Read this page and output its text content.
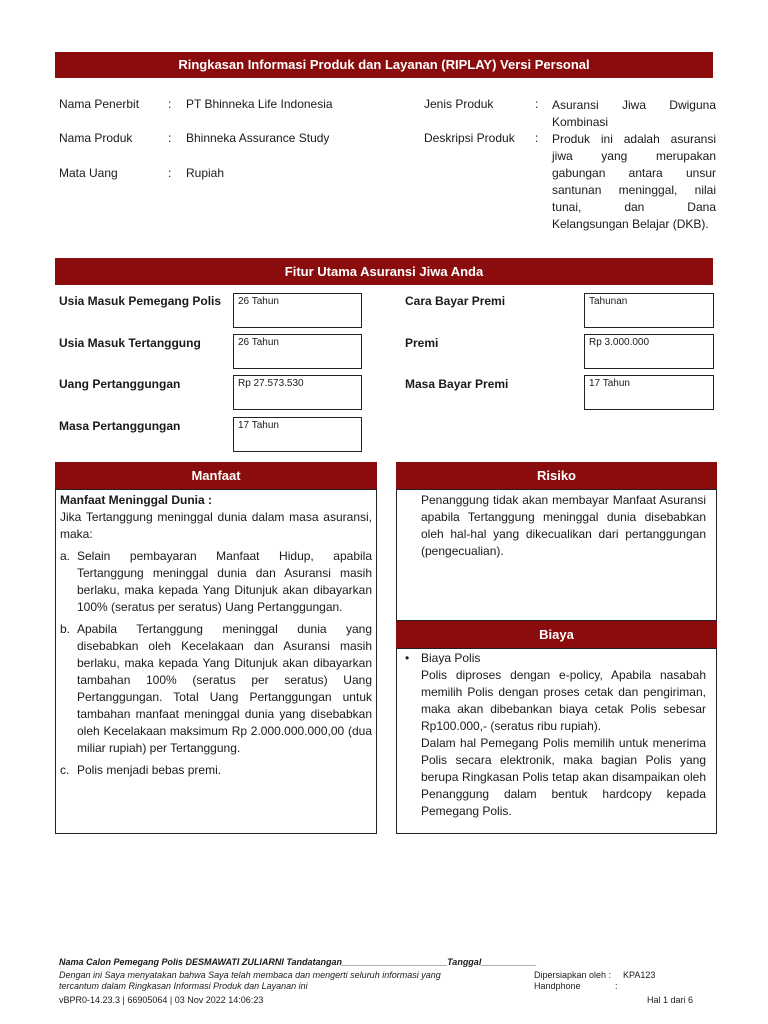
Ringkasan Informasi Produk dan Layanan (RIPLAY) Versi Personal
Nama Penerbit : PT Bhinneka Life Indonesia
Nama Produk	: Bhinneka Assurance Study
Mata Uang	: Rupiah
Jenis Produk	: Asuransi Jiwa Dwiguna Kombinasi
Deskripsi Produk : Produk ini adalah asuransi jiwa yang merupakan gabungan antara unsur santunan meninggal, nilai tunai, dan Dana Kelangsungan Belajar (DKB).
Fitur Utama Asuransi Jiwa Anda
Usia Masuk Pemegang Polis	26 Tahun
Usia Masuk Tertanggung	26 Tahun
Uang Pertanggungan	Rp 27.573.530
Masa Pertanggungan	17 Tahun
Cara Bayar Premi	Tahunan
Premi	Rp 3.000.000
Masa Bayar Premi	17 Tahun
Manfaat

Manfaat Meninggal Dunia :

Jika Tertanggung meninggal dunia dalam masa asuransi, maka:

a. Selain pembayaran Manfaat Hidup, apabila Tertanggung meninggal dunia dan Asuransi masih berlaku, maka kepada Yang Ditunjuk akan dibayarkan 100% (seratus per seratus) Uang Pertanggungan.
b. Apabila Tertanggung meninggal dunia yang disebabkan oleh Kecelakaan dan Asuransi masih berlaku, maka kepada Yang Ditunjuk akan dibayarkan tambahan 100% (seratus per seratus) Uang Pertanggungan. Total Uang Pertanggungan untuk tambahan manfaat meninggal dunia yang disebabkan oleh Kecelakaan maksimum Rp 2.000.000.000,00 (dua miliar rupiah) per Tertanggung.
c. Polis menjadi bebas premi.
Risiko
Penanggung tidak akan membayar Manfaat Asuransi apabila Tertanggung meninggal dunia disebabkan oleh hal-hal yang dikecualikan dari pertanggungan (pengecualian).
Biaya
• Biaya Polis

Polis diproses dengan e-policy, Apabila nasabah memilih Polis dengan proses cetak dan pengiriman, maka akan dibebankan biaya cetak Polis sebesar Rp100.000,- (seratus ribu rupiah).

Dalam hal Pemegang Polis memilih untuk menerima Polis secara elektronik, maka bagian Polis yang berupa Ringkasan Polis tetap akan disampaikan oleh Penanggung dalam bentuk hardcopy kepada Pemegang Polis.

Nama Calon Pemegang Polis DESMAWATI ZULIARNI Tandatangan_____________________Tanggal___________
Dengan ini Saya menyatakan bahwa Saya telah membaca dan mengerti seluruh informasi yang
tercantum dalam Ringkasan Informasi Produk dan Layanan ini
Dipersiapkan oleh : KPA123
Handphone	:
vBPR0-14.23.3 | 66905064 | 03 Nov 2022 14:06:23	Hal 1 dari 6
